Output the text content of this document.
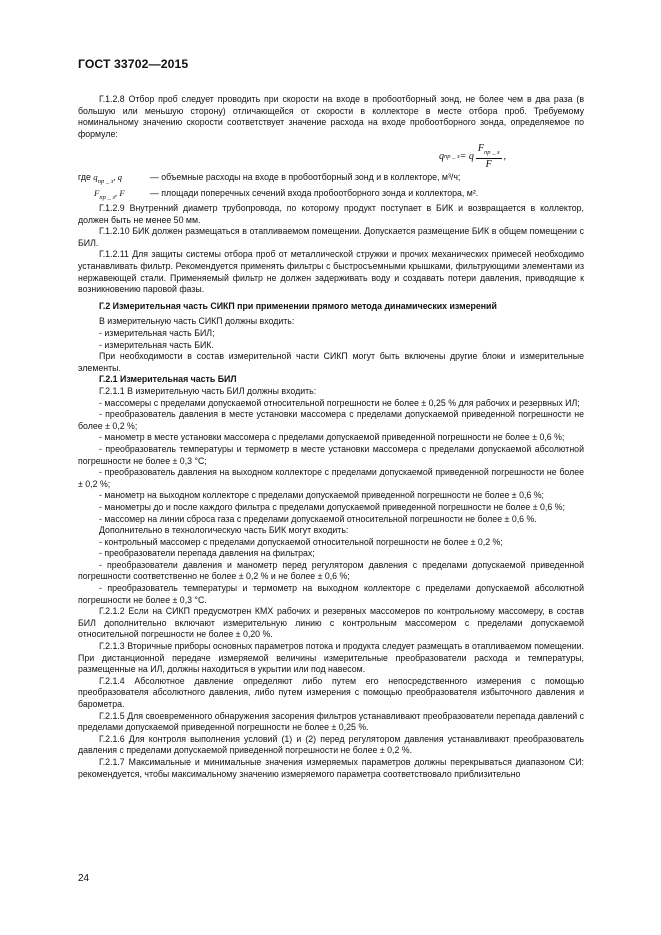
ГОСТ 33702—2015

Г.1.2.8 Отбор проб следует проводить при скорости на входе в пробоотборный зонд, не более чем в два раза (в большую или меньшую сторону) отличающейся от скорости в коллекторе в месте отбора проб. Требуемому номинальному значению скорости соответствует значение расхода на входе пробоотборного зонда, определяемое по формуле:

q пр _ з = q $\frac{F_{пр \_ з}}{F}$ ,
где $q_{пр \_ з}$, q	— объемные расходы на входе в пробоотборный зонд и в коллекторе, м³/ч;
$F_{пр \_ з}$, F	— площади поперечных сечений входа пробоотборного зонда и коллектора, м².

Г.1.2.9 Внутренний диаметр трубопровода, по которому продукт поступает в БИК и возвращается в коллектор, должен быть не менее 50 мм.

Г.1.2.10 БИК должен размещаться в отапливаемом помещении. Допускается размещение БИК в общем помещении с БИЛ.

Г.1.2.11 Для защиты системы отбора проб от металлической стружки и прочих механических примесей необходимо устанавливать фильтр. Рекомендуется применять фильтры с быстросъемными крышками, фильтрующими элементами из нержавеющей стали. Применяемый фильтр не должен задерживать воду и создавать потери давления, приводящие к возникновению паровой фазы.

Г.2 Измерительная часть СИКП при применении прямого метода динамических измерений

В измерительную часть СИКП должны входить:

- измерительная часть БИЛ;

- измерительная часть БИК.

При необходимости в состав измерительной части СИКП могут быть включены другие блоки и измерительные элементы.

Г.2.1 Измерительная часть БИЛ

Г.2.1.1 В измерительную часть БИЛ должны входить:

- массомеры с пределами допускаемой относительной погрешности не более ± 0,25 % для рабочих и резервных ИЛ;

- преобразователь давления в месте установки массомера с пределами допускаемой приведенной погрешности не более ± 0,2 %;

- манометр в месте установки массомера с пределами допускаемой приведенной погрешности не более ± 0,6 %;

- преобразователь температуры и термометр в месте установки массомера с пределами допускаемой абсолютной погрешности не более ± 0,3 °С;

- преобразователь давления на выходном коллекторе с пределами допускаемой приведенной погрешности не более ± 0,2 %;

- манометр на выходном коллекторе с пределами допускаемой приведенной погрешности не более ± 0,6 %;

- манометры до и после каждого фильтра с пределами допускаемой приведенной погрешности не более ± 0,6 %;

- массомер на линии сброса газа с пределами допускаемой относительной погрешности не более ± 0,6 %.

Дополнительно в технологическую часть БИК могут входить:

- контрольный массомер с пределами допускаемой относительной погрешности не более ± 0,2 %;

- преобразователи перепада давления на фильтрах;

- преобразователи давления и манометр перед регулятором давления с пределами допускаемой приведенной погрешности соответственно не более ± 0,2 % и не более ± 0,6 %;

- преобразователь температуры и термометр на выходном коллекторе с пределами допускаемой абсолютной погрешности не более ± 0,3 °С.

Г.2.1.2 Если на СИКП предусмотрен КМХ рабочих и резервных массомеров по контрольному массомеру, в состав БИЛ дополнительно включают измерительную линию с контрольным массомером с пределами допускаемой относительной погрешности не более ± 0,20 %.

Г.2.1.3 Вторичные приборы основных параметров потока и продукта следует размещать в отапливаемом помещении. При дистанционной передаче измеряемой величины измерительные преобразователи расхода и температуры, размещенные на ИЛ, должны находиться в укрытии или под навесом.

Г.2.1.4 Абсолютное давление определяют либо путем его непосредственного измерения с помощью преобразователя абсолютного давления, либо путем измерения с помощью преобразователя избыточного давления и барометра.

Г.2.1.5 Для своевременного обнаружения засорения фильтров устанавливают преобразователи перепада давлений с пределами допускаемой приведенной погрешности не более ± 0,25 %.

Г.2.1.6 Для контроля выполнения условий (1) и (2) перед регулятором давления устанавливают преобразователь давления с пределами допускаемой приведенной погрешности не более ± 0,2 %.

Г.2.1.7 Максимальные и минимальные значения измеряемых параметров должны перекрываться диапазоном СИ: рекомендуется, чтобы максимальному значению измеряемого параметра соответствовало приблизительно

24
